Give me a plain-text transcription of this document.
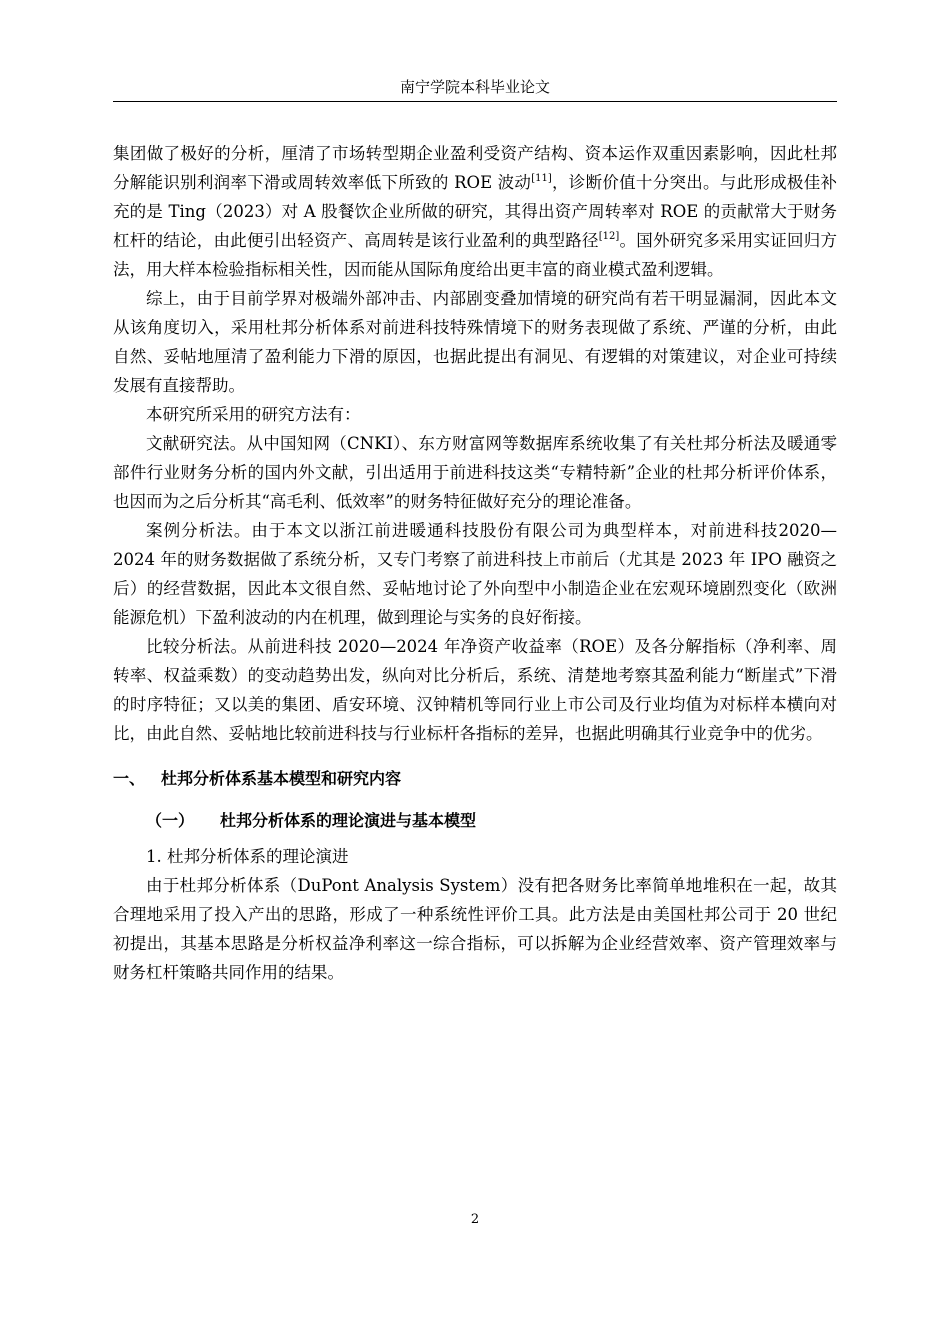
南宁学院本科毕业论文

集团做了极好的分析，厘清了市场转型期企业盈利受资产结构、资本运作双重因素影响，因此杜邦分解能识别利润率下滑或周转效率低下所致的 ROE 波动[11]，诊断价值十分突出。与此形成极佳补充的是 Ting（2023）对 A 股餐饮企业所做的研究，其得出资产周转率对 ROE 的贡献常大于财务杠杆的结论，由此便引出轻资产、高周转是该行业盈利的典型路径[12]。国外研究多采用实证回归方法，用大样本检验指标相关性，因而能从国际角度给出更丰富的商业模式盈利逻辑。

综上，由于目前学界对极端外部冲击、内部剧变叠加情境的研究尚有若干明显漏洞，因此本文从该角度切入，采用杜邦分析体系对前进科技特殊情境下的财务表现做了系统、严谨的分析，由此自然、妥帖地厘清了盈利能力下滑的原因，也据此提出有洞见、有逻辑的对策建议，对企业可持续发展有直接帮助。

本研究所采用的研究方法有：

文献研究法。从中国知网（CNKI）、东方财富网等数据库系统收集了有关杜邦分析法及暖通零部件行业财务分析的国内外文献，引出适用于前进科技这类“专精特新”企业的杜邦分析评价体系，也因而为之后分析其“高毛利、低效率”的财务特征做好充分的理论准备。

案例分析法。由于本文以浙江前进暖通科技股份有限公司为典型样本，对前进科技2020—2024 年的财务数据做了系统分析，又专门考察了前进科技上市前后（尤其是 2023 年 IPO 融资之后）的经营数据，因此本文很自然、妥帖地讨论了外向型中小制造企业在宏观环境剧烈变化（欧洲能源危机）下盈利波动的内在机理，做到理论与实务的良好衔接。

比较分析法。从前进科技 2020—2024 年净资产收益率（ROE）及各分解指标（净利率、周转率、权益乘数）的变动趋势出发，纵向对比分析后，系统、清楚地考察其盈利能力“断崖式”下滑的时序特征；又以美的集团、盾安环境、汉钟精机等同行业上市公司及行业均值为对标样本横向对比，由此自然、妥帖地比较前进科技与行业标杆各指标的差异，也据此明确其行业竞争中的优劣。

一、 杜邦分析体系基本模型和研究内容
（一） 杜邦分析体系的理论演进与基本模型
1. 杜邦分析体系的理论演进

由于杜邦分析体系（DuPont Analysis System）没有把各财务比率简单地堆积在一起，故其合理地采用了投入产出的思路，形成了一种系统性评价工具。此方法是由美国杜邦公司于 20 世纪初提出，其基本思路是分析权益净利率这一综合指标，可以拆解为企业经营效率、资产管理效率与财务杠杆策略共同作用的结果。

2
